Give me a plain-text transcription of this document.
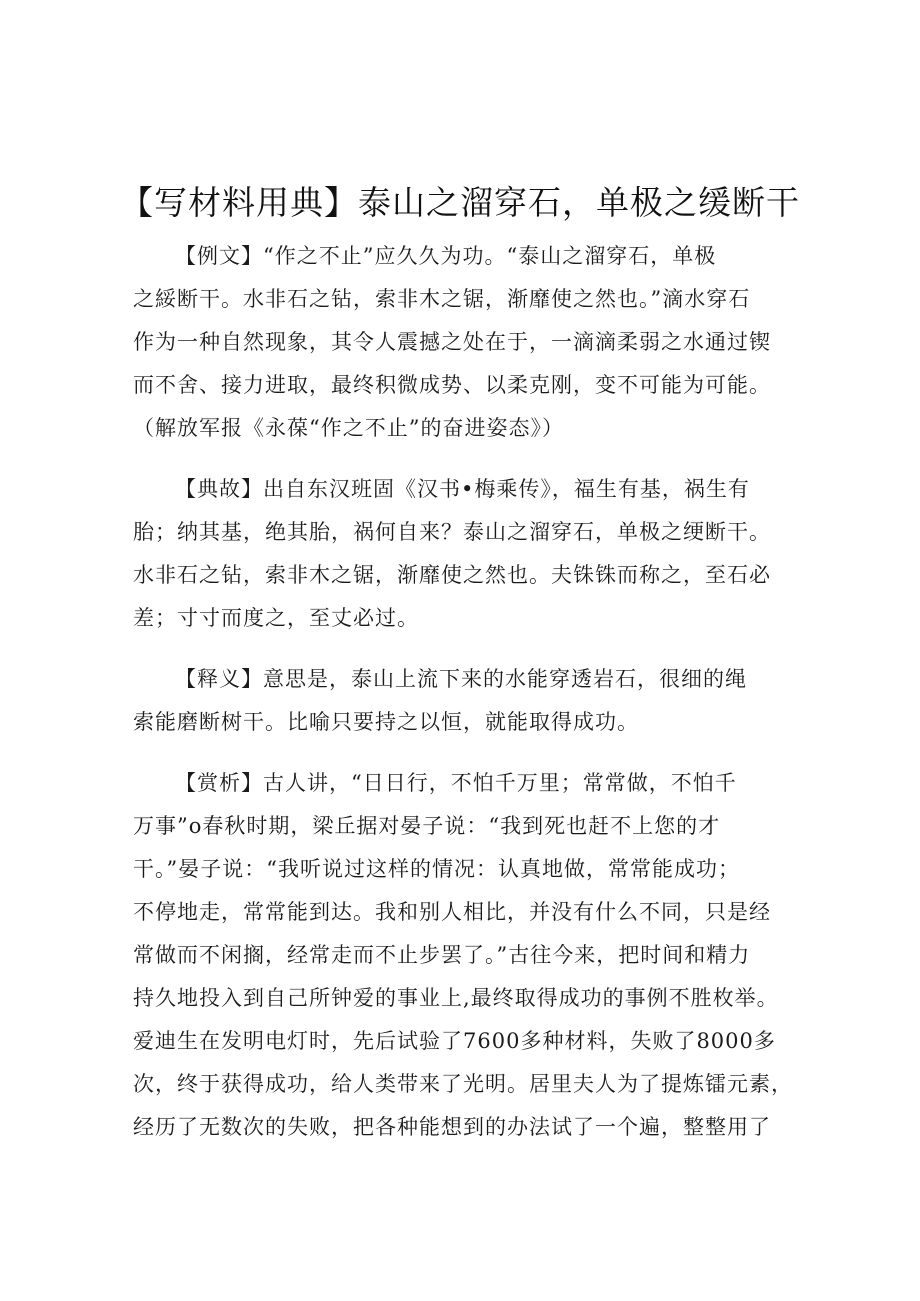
【写材料用典】泰山之溜穿石，单极之缓断干

【例文】“作之不止”应久久为功。“泰山之溜穿石，单极
之綏断干。水非石之钻，索非木之锯，渐靡使之然也。”滴水穿石
作为一种自然现象，其令人震撼之处在于，一滴滴柔弱之水通过锲
而不舍、接力进取，最终积微成势、以柔克刚，变不可能为可能。
（解放军报《永葆“作之不止”的奋进姿态》）

【典故】出自东汉班固《汉书•梅乘传》，福生有基，祸生有
胎；纳其基，绝其胎，祸何自来？泰山之溜穿石，单极之绠断干。
水非石之钻，索非木之锯，渐靡使之然也。夫铢铢而称之，至石必
差；寸寸而度之，至丈必过。

【释义】意思是，泰山上流下来的水能穿透岩石，很细的绳
索能磨断树干。比喻只要持之以恒，就能取得成功。

【赏析】古人讲，“日日行，不怕千万里；常常做，不怕千
万事”o春秋时期，梁丘据对晏子说：“我到死也赶不上您的才
干。”晏子说：“我听说过这样的情况：认真地做，常常能成功；
不停地走，常常能到达。我和别人相比，并没有什么不同，只是经
常做而不闲搁，经常走而不止步罢了。”古往今来，把时间和精力
持久地投入到自己所钟爱的事业上,最终取得成功的事例不胜枚举。
爱迪生在发明电灯时，先后试验了7600多种材料，失败了8000多
次，终于获得成功，给人类带来了光明。居里夫人为了提炼镭元素，
经历了无数次的失败，把各种能想到的办法试了一个遍，整整用了
